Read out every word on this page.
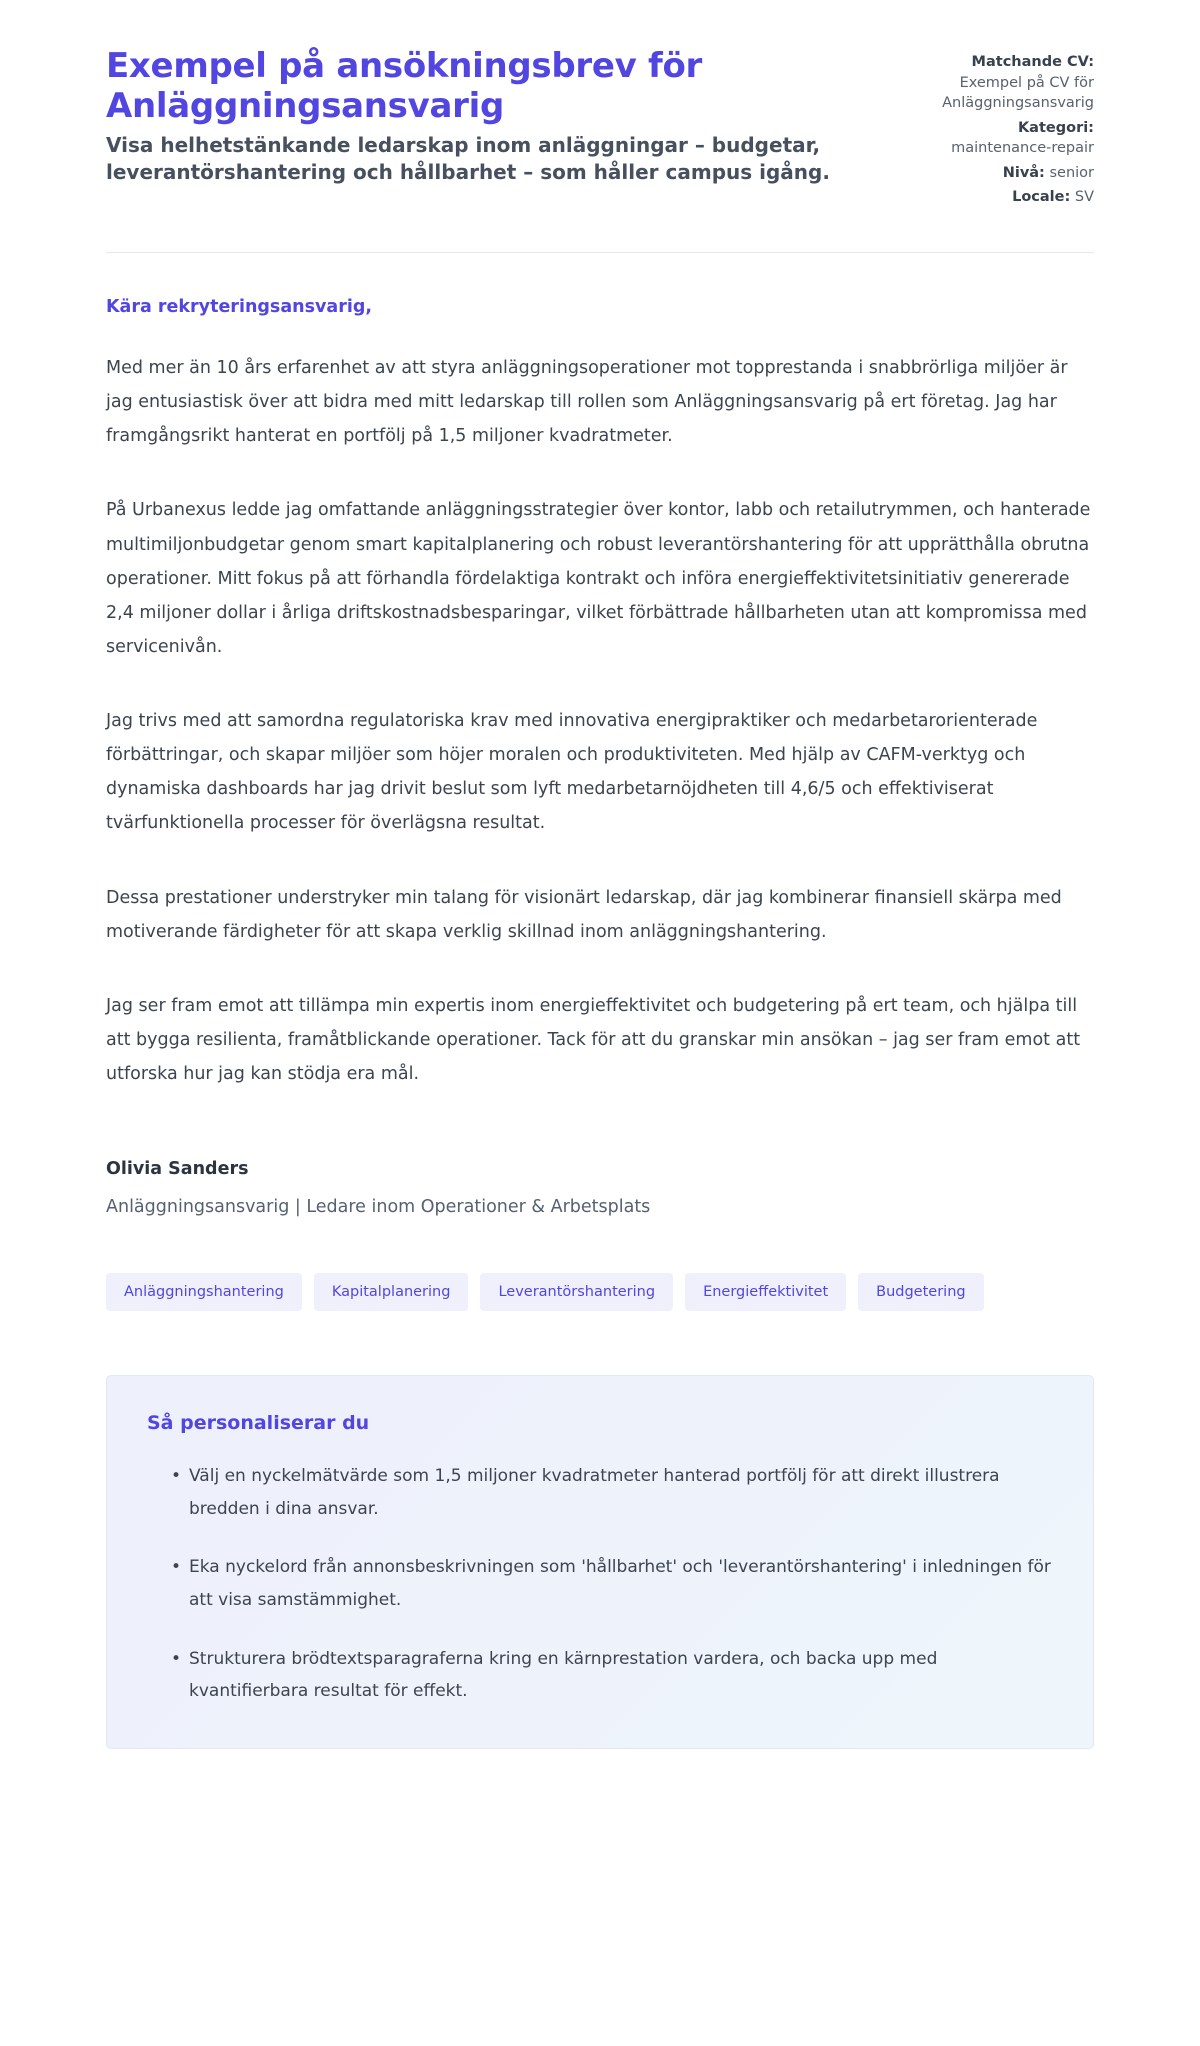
Exempel på ansökningsbrev för Anläggningsansvarig
Visa helhetstänkande ledarskap inom anläggningar – budgetar, leverantörshantering och hållbarhet – som håller campus igång.
Matchande CV:
Exempel på CV för Anläggningsansvarig
Kategori:
maintenance-repair
Nivå: senior
Locale: SV

Kära rekryteringsansvarig,

Med mer än 10 års erfarenhet av att styra anläggningsoperationer mot topprestanda i snabbrörliga miljöer är jag entusiastisk över att bidra med mitt ledarskap till rollen som Anläggningsansvarig på ert företag. Jag har framgångsrikt hanterat en portfölj på 1,5 miljoner kvadratmeter.

På Urbanexus ledde jag omfattande anläggningsstrategier över kontor, labb och retailutrymmen, och hanterade multimiljonbudgetar genom smart kapitalplanering och robust leverantörshantering för att upprätthålla obrutna operationer. Mitt fokus på att förhandla fördelaktiga kontrakt och införa energieffektivitetsinitiativ genererade 2,4 miljoner dollar i årliga driftskostnadsbesparingar, vilket förbättrade hållbarheten utan att kompromissa med servicenivån.

Jag trivs med att samordna regulatoriska krav med innovativa energipraktiker och medarbetarorienterade förbättringar, och skapar miljöer som höjer moralen och produktiviteten. Med hjälp av CAFM-verktyg och dynamiska dashboards har jag drivit beslut som lyft medarbetarnöjdheten till 4,6/5 och effektiviserat tvärfunktionella processer för överlägsna resultat.

Dessa prestationer understryker min talang för visionärt ledarskap, där jag kombinerar finansiell skärpa med motiverande färdigheter för att skapa verklig skillnad inom anläggningshantering.

Jag ser fram emot att tillämpa min expertis inom energieffektivitet och budgetering på ert team, och hjälpa till att bygga resilienta, framåtblickande operationer. Tack för att du granskar min ansökan – jag ser fram emot att utforska hur jag kan stödja era mål.

Olivia Sanders

Anläggningsansvarig | Ledare inom Operationer & Arbetsplats

Anläggningshantering	Kapitalplanering	Leverantörshantering	Energieffektivitet	Budgetering
Så personaliserar du
• Välj en nyckelmätvärde som 1,5 miljoner kvadratmeter hanterad portfölj för att direkt illustrera bredden i dina ansvar.
• Eka nyckelord från annonsbeskrivningen som 'hållbarhet' och 'leverantörshantering' i inledningen för att visa samstämmighet.
• Strukturera brödtextsparagraferna kring en kärnprestation vardera, och backa upp med kvantifierbara resultat för effekt.
